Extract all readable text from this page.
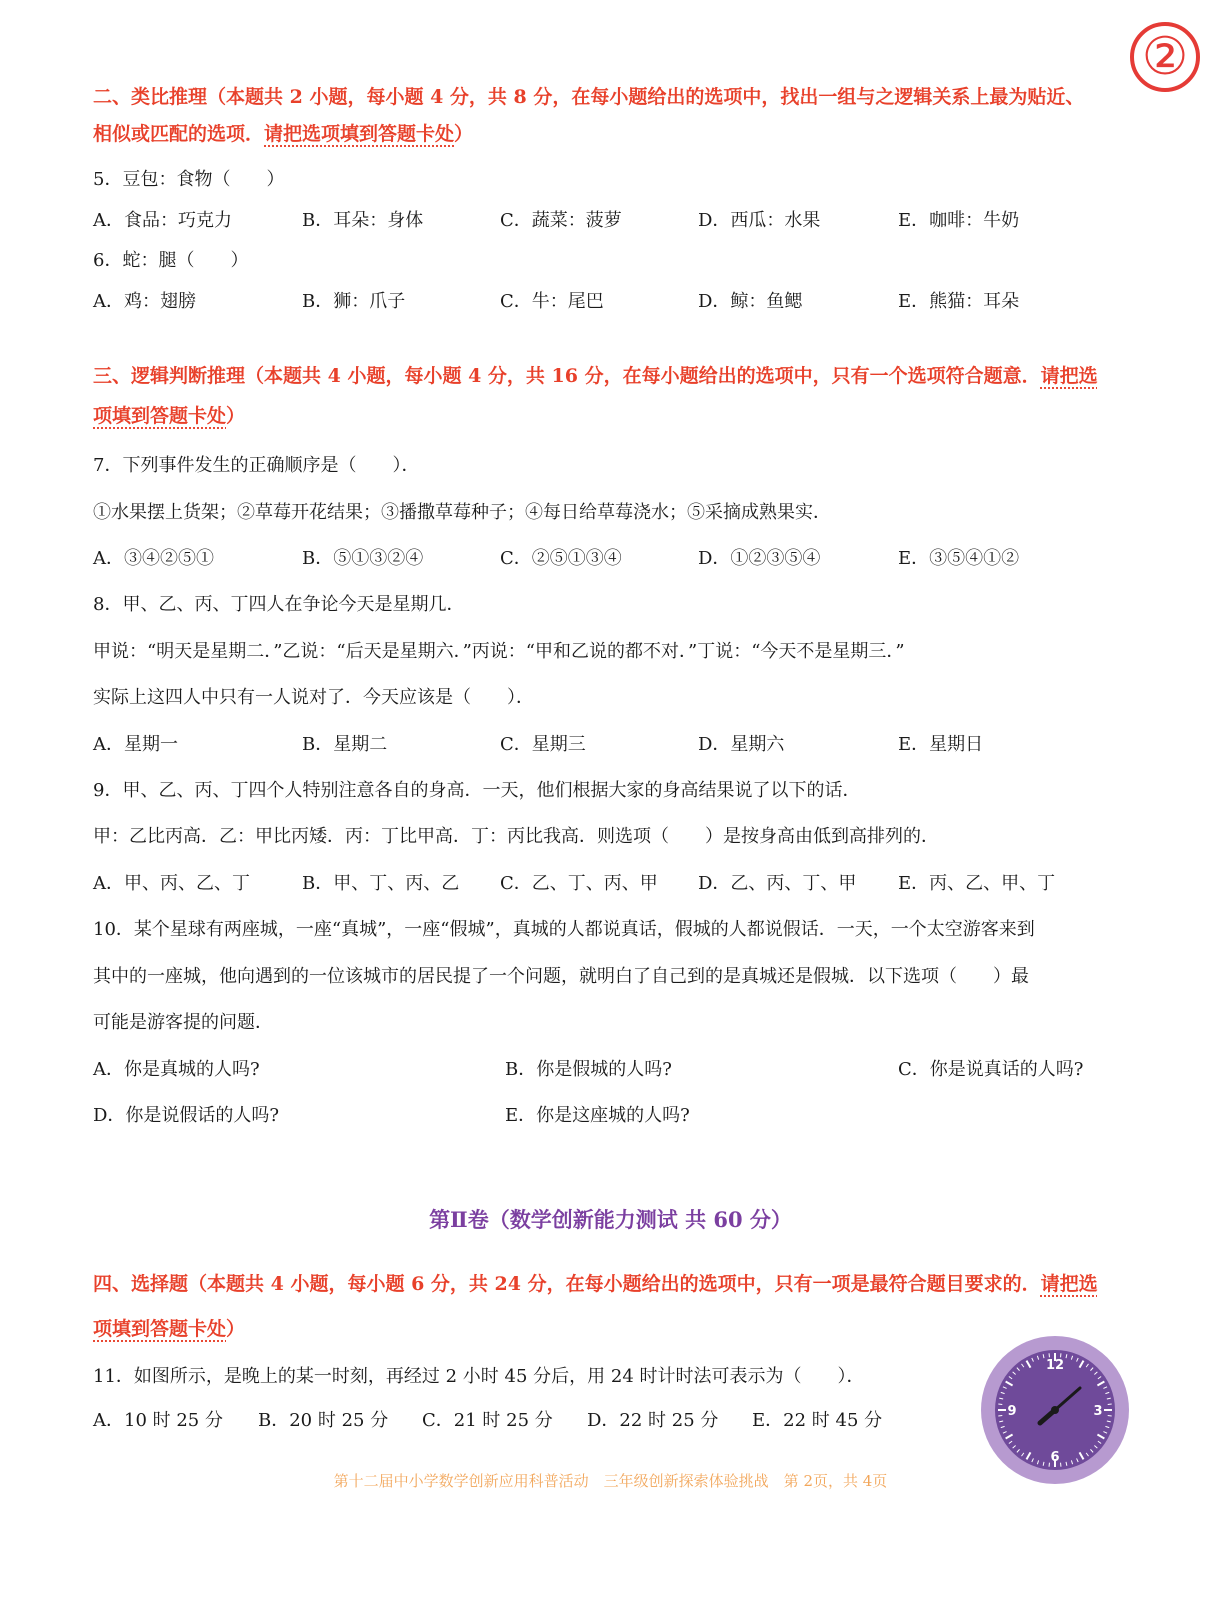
②
二、类比推理（本题共 2 小题，每小题 4 分，共 8 分，在每小题给出的选项中，找出一组与之逻辑关系上最为贴近、
相似或匹配的选项．请把选项填到答题卡处）
5．豆包：食物（　　）
A．食品：巧克力	B．耳朵：身体	C．蔬菜：菠萝	D．西瓜：水果	E．咖啡：牛奶
6．蛇：腿（　　）
A．鸡：翅膀	B．狮：爪子	C．牛：尾巴	D．鲸：鱼鳃	E．熊猫：耳朵
三、逻辑判断推理（本题共 4 小题，每小题 4 分，共 16 分，在每小题给出的选项中，只有一个选项符合题意．请把选
项填到答题卡处）
7．下列事件发生的正确顺序是（　　）．
①水果摆上货架；②草莓开花结果；③播撒草莓种子；④每日给草莓浇水；⑤采摘成熟果实．
A．③④②⑤①	B．⑤①③②④	C．②⑤①③④	D．①②③⑤④	E．③⑤④①②
8．甲、乙、丙、丁四人在争论今天是星期几．
甲说：“明天是星期二．”乙说：“后天是星期六．”丙说：“甲和乙说的都不对．”丁说：“今天不是星期三．”
实际上这四人中只有一人说对了．今天应该是（　　）．
A．星期一	B．星期二	C．星期三	D．星期六	E．星期日
9．甲、乙、丙、丁四个人特别注意各自的身高．一天，他们根据大家的身高结果说了以下的话．
甲：乙比丙高．乙：甲比丙矮．丙：丁比甲高．丁：丙比我高．则选项（　　）是按身高由低到高排列的．
A．甲、丙、乙、丁	B．甲、丁、丙、乙 C．乙、丁、丙、甲 D．乙、丙、丁、甲 E．丙、乙、甲、丁
10．某个星球有两座城，一座“真城”，一座“假城”，真城的人都说真话，假城的人都说假话．一天，一个太空游客来到
其中的一座城，他向遇到的一位该城市的居民提了一个问题，就明白了自己到的是真城还是假城．以下选项（　　）最
可能是游客提的问题．
A．你是真城的人吗?	B．你是假城的人吗?	C．你是说真话的人吗?
D．你是说假话的人吗?	E．你是这座城的人吗?
第Ⅱ卷（数学创新能力测试 共 60 分）
四、选择题（本题共 4 小题，每小题 6 分，共 24 分，在每小题给出的选项中，只有一项是最符合题目要求的．请把选
项填到答题卡处）
11．如图所示，是晚上的某一时刻，再经过 2 小时 45 分后，用 24 时计时法可表示为（　　）．
A．10 时 25 分 B．20 时 25 分 C．21 时 25 分 D．22 时 25 分 E．22 时 45 分
12
3
6
9
第十二届中小学数学创新应用科普活动　三年级创新探索体验挑战　第 2页，共 4页
